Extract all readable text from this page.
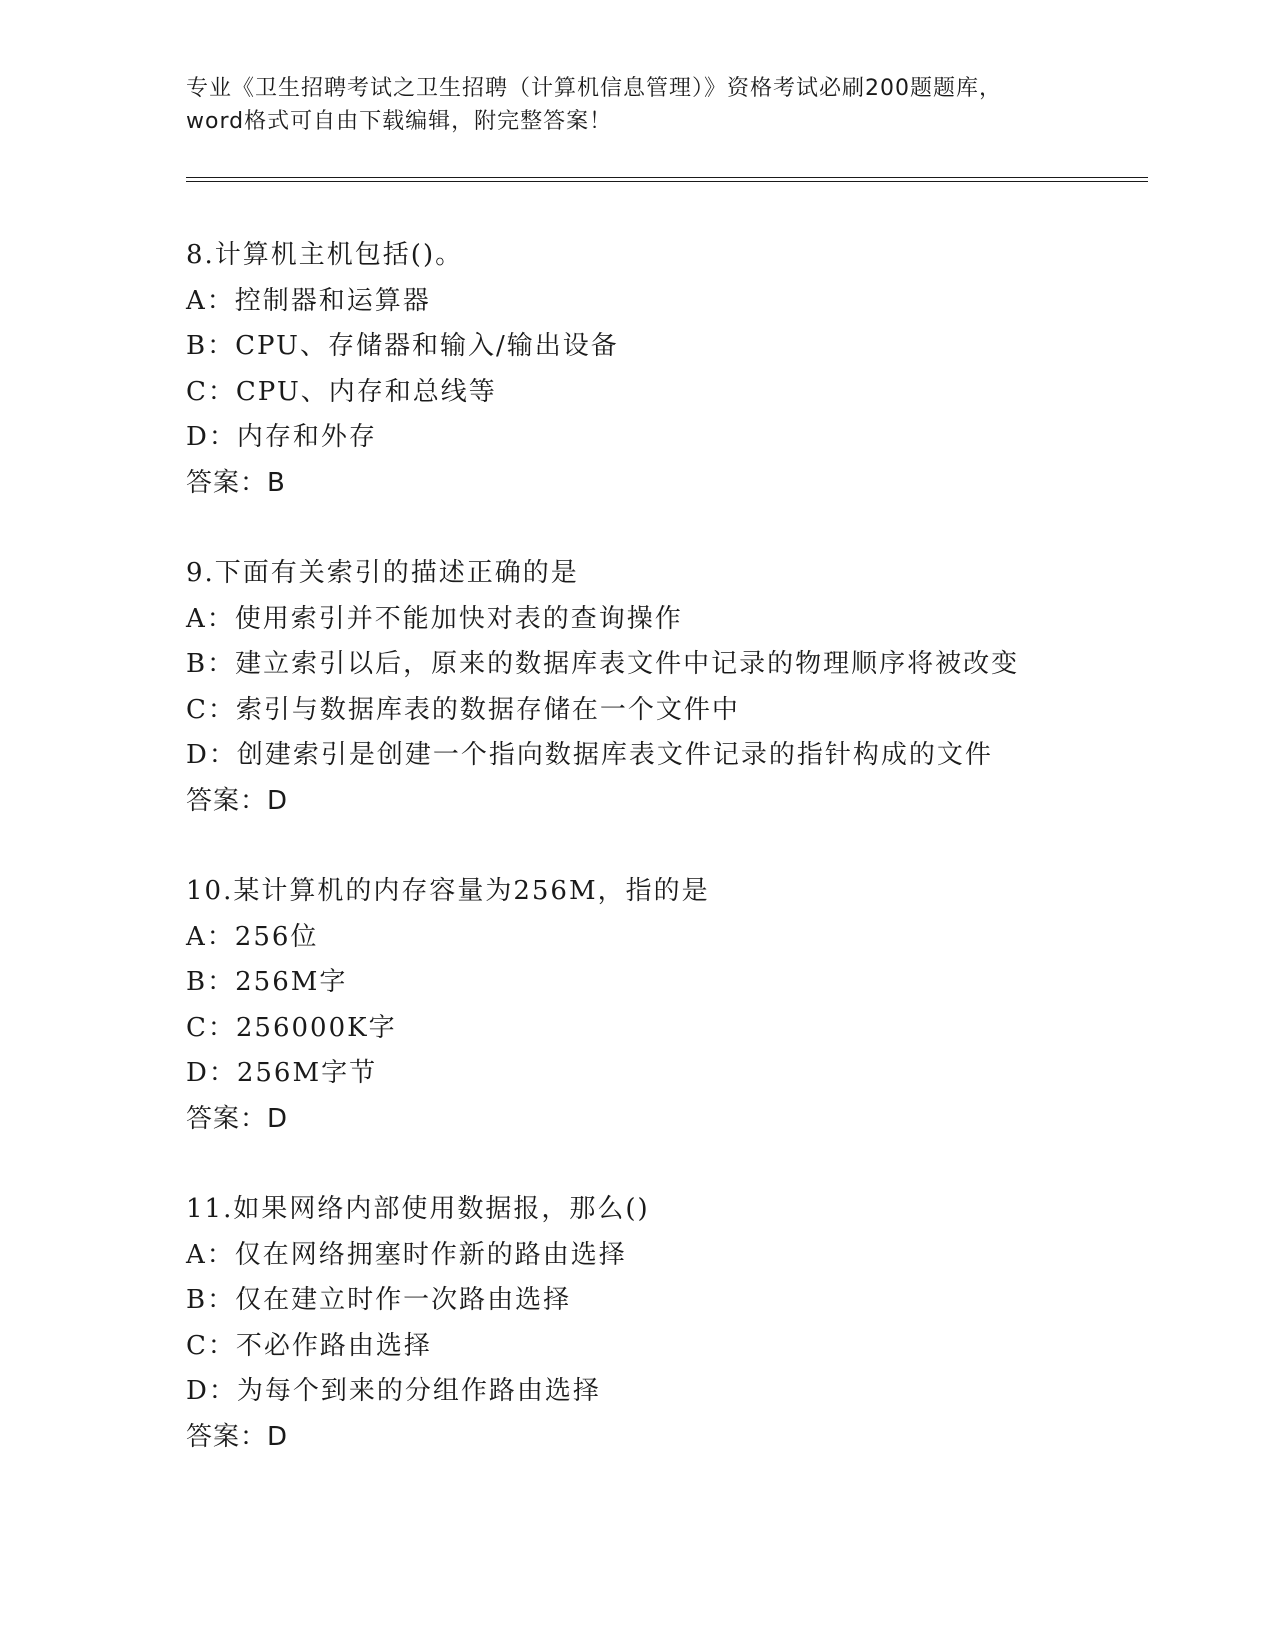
专业《卫生招聘考试之卫生招聘（计算机信息管理）》资格考试必刷200题题库，
word格式可自由下载编辑，附完整答案！
8.计算机主机包括()。
A：控制器和运算器
B：CPU、存储器和输入/输出设备
C：CPU、内存和总线等
D：内存和外存
答案：B
9.下面有关索引的描述正确的是
A：使用索引并不能加快对表的查询操作
B：建立索引以后，原来的数据库表文件中记录的物理顺序将被改变
C：索引与数据库表的数据存储在一个文件中
D：创建索引是创建一个指向数据库表文件记录的指针构成的文件
答案：D
10.某计算机的内存容量为256M，指的是
A：256位
B：256M字
C：256000K字
D：256M字节
答案：D
11.如果网络内部使用数据报，那么()
A：仅在网络拥塞时作新的路由选择
B：仅在建立时作一次路由选择
C：不必作路由选择
D：为每个到来的分组作路由选择
答案：D
